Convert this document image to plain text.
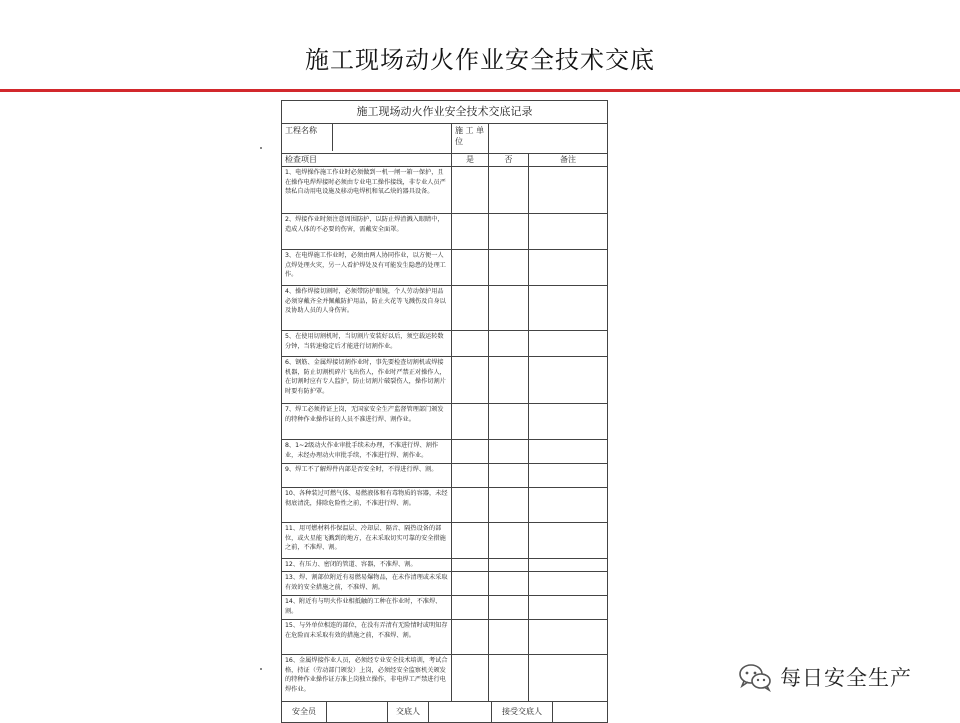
施工现场动火作业安全技术交底
施工现场动火作业安全技术交底记录			

工程名称	施 工 单 位		
检查项目	是	否	备注

1、电焊操作施工作业时必须做到一机一闸一箱一保护，且在操作电焊焊接时必须由专业电工操作接线，非专业人员严禁私自动用电设施及移动电焊机和氧乙炔的器具设备。			

2、焊接作业时须注意周围防护，以防止焊渣溅入眼睛中，造成人体的不必要的伤害，需戴安全面罩。			

3、在电焊施工作业时，必须由两人协同作业，以方便一人点焊处理火灾，另一人看护焊处及有可能发生隐患的处理工作。			

4、操作焊接切割时，必须带防护眼镜，个人劳动保护用品必须穿戴齐全并佩戴防护用品，防止火花等飞溅伤及自身以及协助人员的人身伤害。			

5、在使用切割机时，当切割片安装好以后，须空载运转数分钟，当转速稳定后才能进行切割作业。			

6、钢筋、金属焊接切割作业时，事先要检查切割机或焊接机器，防止切割机碎片飞出伤人，作业时严禁正对操作人，在切割时应有专人监护，防止切割片破裂伤人，操作切割片时要有防护罩。			

7、焊工必须持证上岗，无国家安全生产监督管理部门颁发的特种作业操作证的人员不准进行焊、割作业。			

8、1~2级动火作业审批手续未办理，不准进行焊、割作业，未经办理动火审批手续，不准进行焊、割作业。			

9、焊工不了解焊件内部是否安全时，不得进行焊、割。			

10、各种装过可燃气体、易燃液体和有毒物质的容器，未经彻底清洗，排除危险性之前，不准进行焊、割。			

11、用可燃材料作保温层、冷却层、隔音、隔热设备的部位，或火星能飞溅到的地方，在未采取切实可靠的安全措施之前，不准焊、割。			

12、有压力、密闭的管道、容器，不准焊、割。			

13、焊、割部位附近有易燃易爆物品，在未作清理或未采取有效的安全措施之前，不准焊、割。			

14、附近有与明火作业相抵触的工种在作业时，不准焊、割。			

15、与外单位相连的部位，在没有弄清有无险情时或明知存在危险而未采取有效的措施之前，不准焊、割。			

16、金属焊接作业人员，必须经专业安全技术培训，考试合格，持证（劳动部门颁发）上岗，必须经安全监察机关颁发的特种作业操作证方准上岗独立操作，非电焊工严禁进行电焊作业。			

安全员 交底人 接受交底人			
每日安全生产
